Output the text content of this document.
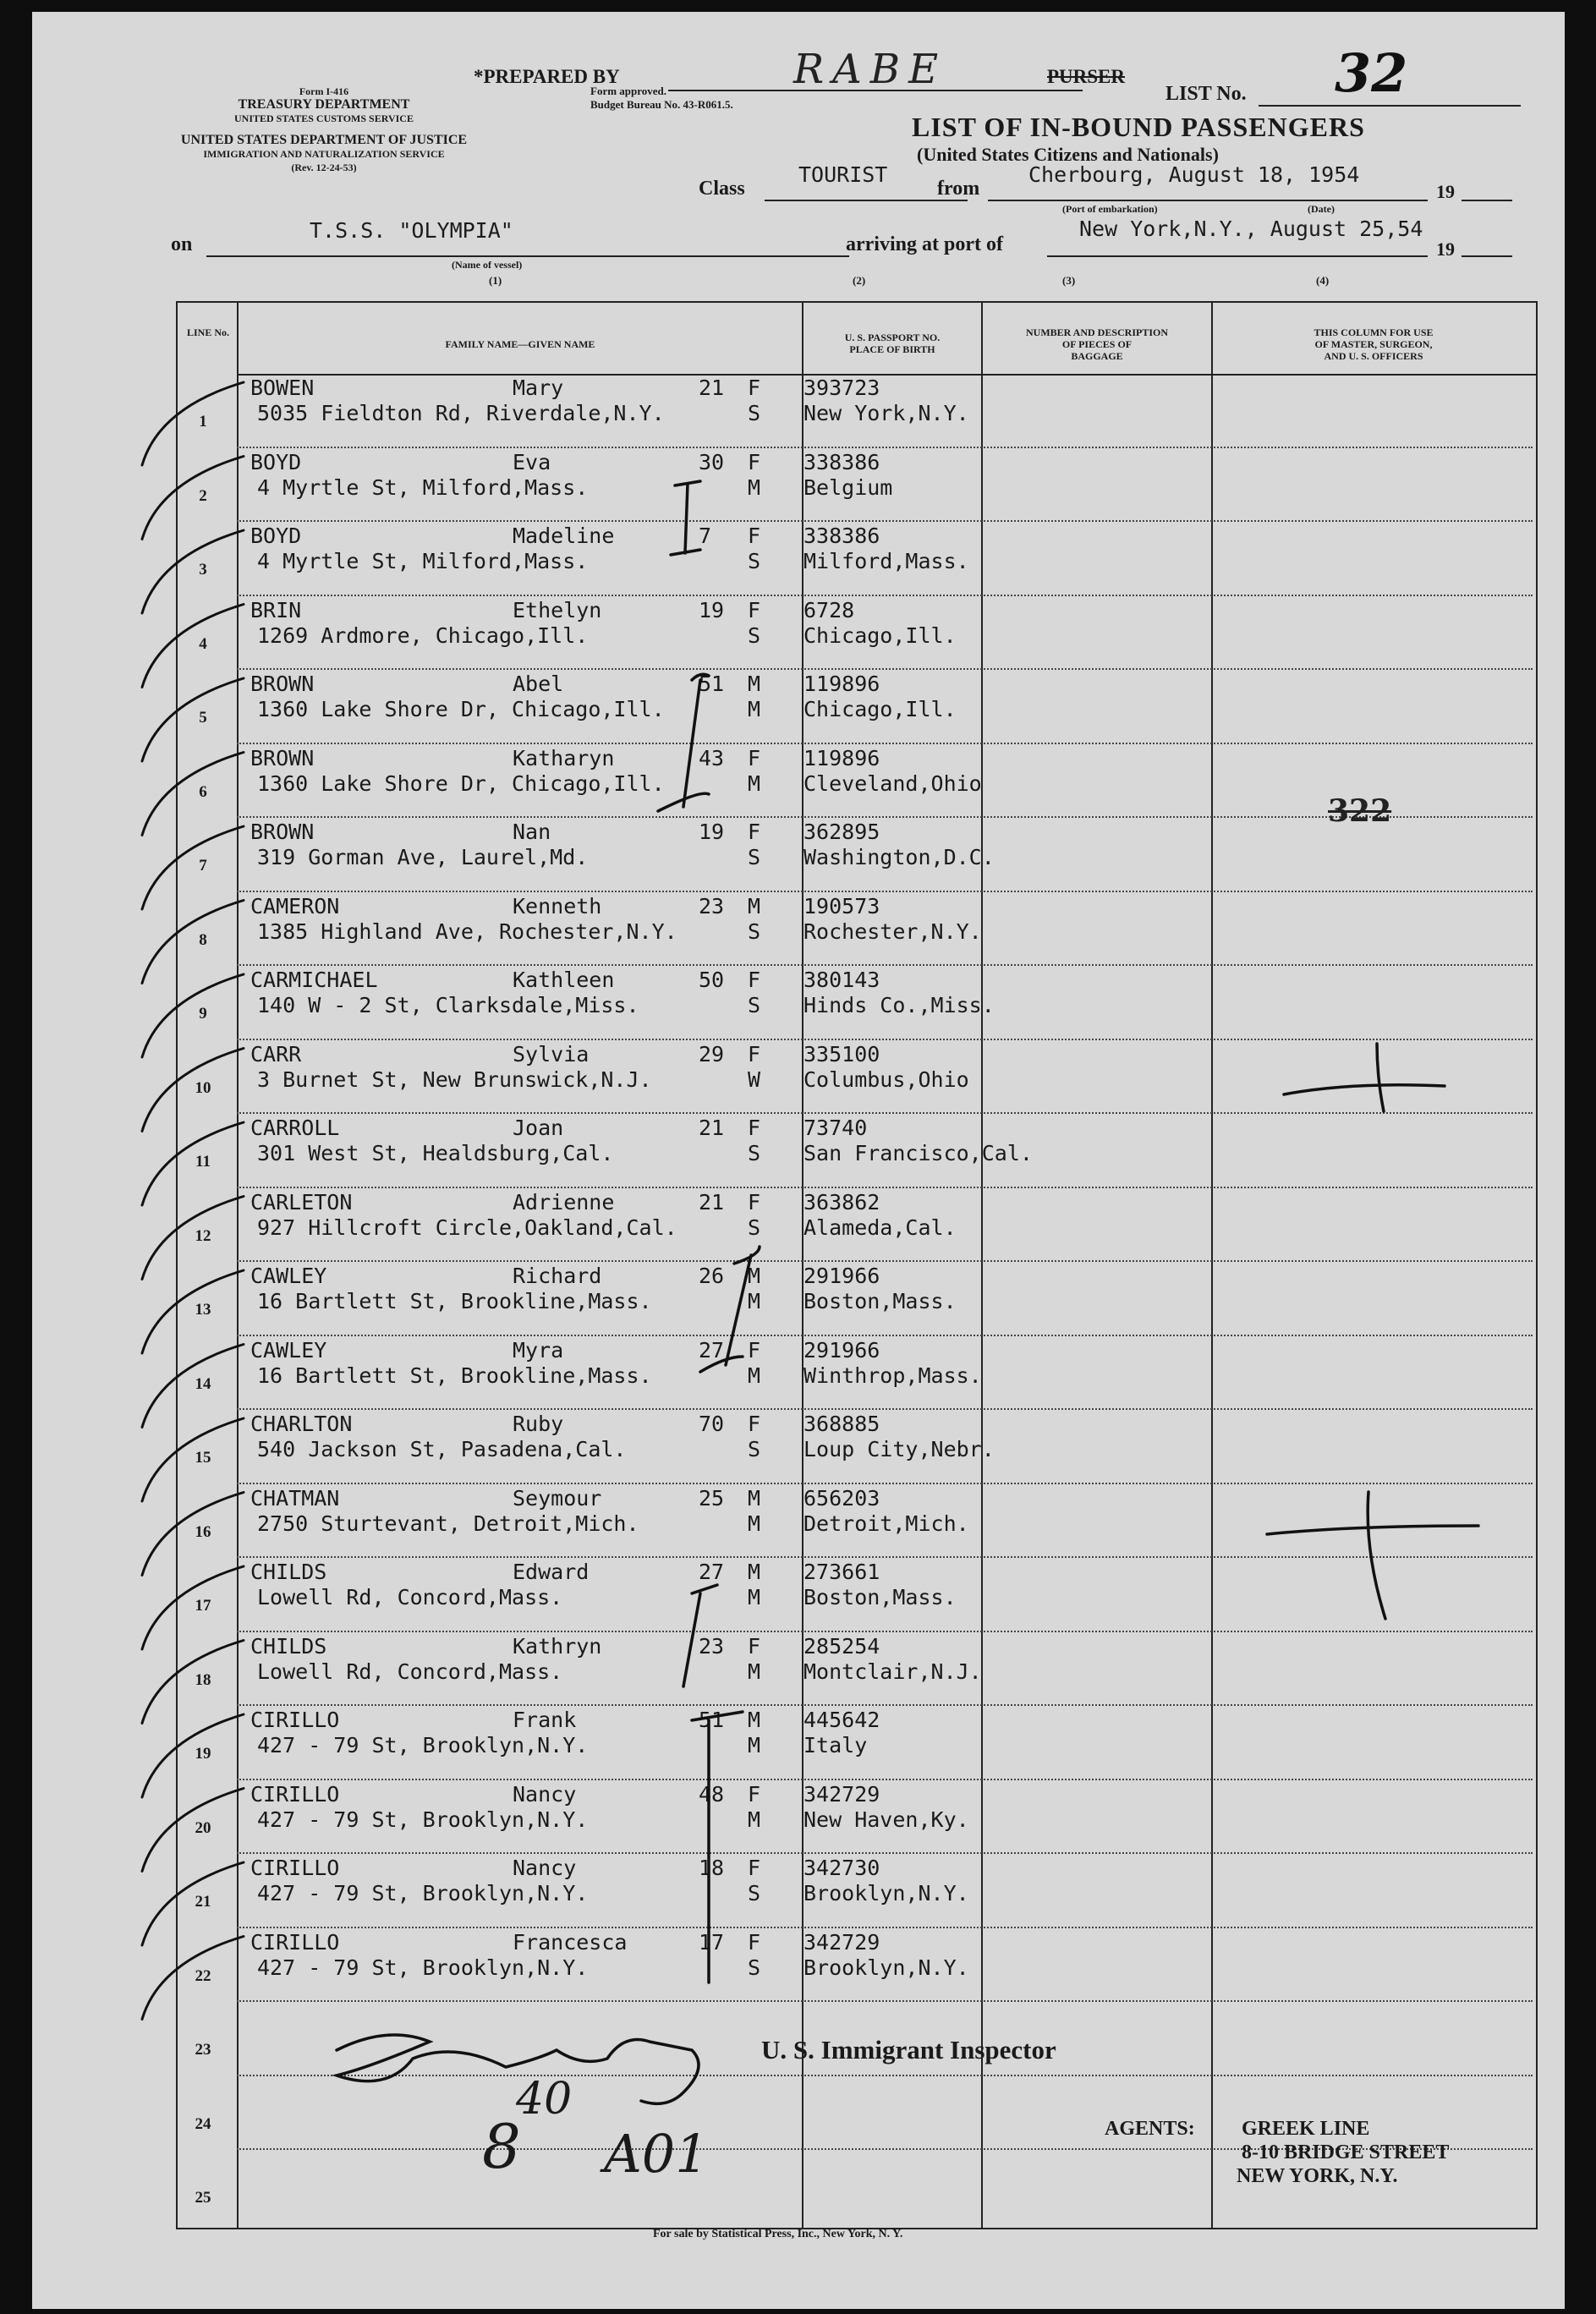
Form I-416
TREASURY DEPARTMENT
UNITED STATES CUSTOMS SERVICE
UNITED STATES DEPARTMENT OF JUSTICE
IMMIGRATION AND NATURALIZATION SERVICE
(Rev. 12-24-53)
*PREPARED BY	RABE	PURSER
Form approved.
Budget Bureau No. 43-R061.5.	LIST No. 32
LIST OF IN-BOUND PASSENGERS
(United States Citizens and Nationals)
Class
TOURIST
from
Cherbourg, August 18, 1954
(Port of embarkation)	(Date)
19
on
T.S.S. "OLYMPIA"
(Name of vessel)
arriving at port of
New York,N.Y., August 25,54
19
(1)	(2)	(3)	(4)
LINE No.
FAMILY NAME—GIVEN NAME
U. S. PASSPORT NO.
PLACE OF BIRTH
NUMBER AND DESCRIPTION
OF PIECES OF
BAGGAGE
THIS COLUMN FOR USE
OF MASTER, SURGEON,
AND U. S. OFFICERS
1
BOWEN	Mary	21 F
5035 Fieldton Rd, Riverdale,N.Y.	S
393723
New York,N.Y.
2
BOYD	Eva	30 F
4 Myrtle St, Milford,Mass.	M
338386
Belgium
3
BOYD	Madeline	7 F
4 Myrtle St, Milford,Mass.	S
338386
Milford,Mass.
4
BRIN	Ethelyn	19 F
1269 Ardmore, Chicago,Ill.	S
6728
Chicago,Ill.
5
BROWN	Abel	51 M
1360 Lake Shore Dr, Chicago,Ill.	M
119896
Chicago,Ill.
6
BROWN	Katharyn	43 F
1360 Lake Shore Dr, Chicago,Ill.	M
119896
Cleveland,Ohio
7
BROWN	Nan	19 F
319 Gorman Ave, Laurel,Md.	S
362895
Washington,D.C.
8
CAMERON	Kenneth	23 M
1385 Highland Ave, Rochester,N.Y.	S
190573
Rochester,N.Y.
9
CARMICHAEL	Kathleen	50 F
140 W - 2 St, Clarksdale,Miss.	S
380143
Hinds Co.,Miss.
10
CARR	Sylvia	29 F
3 Burnet St, New Brunswick,N.J.	W
335100
Columbus,Ohio
11
CARROLL	Joan	21 F
301 West St, Healdsburg,Cal.	S
73740
San Francisco,Cal.
12
CARLETON	Adrienne	21 F
927 Hillcroft Circle,Oakland,Cal.	S
363862
Alameda,Cal.
13
CAWLEY	Richard	26 M
16 Bartlett St, Brookline,Mass.	M
291966
Boston,Mass.
14
CAWLEY	Myra	27 F
16 Bartlett St, Brookline,Mass.	M
291966
Winthrop,Mass.
15
CHARLTON	Ruby	70 F
540 Jackson St, Pasadena,Cal.	S
368885
Loup City,Nebr.
16
CHATMAN	Seymour	25 M
2750 Sturtevant, Detroit,Mich.	M
656203
Detroit,Mich.
17
CHILDS	Edward	27 M
Lowell Rd, Concord,Mass.	M
273661
Boston,Mass.
18
CHILDS	Kathryn	23 F
Lowell Rd, Concord,Mass.	M
285254
Montclair,N.J.
19
CIRILLO	Frank	51 M
427 - 79 St, Brooklyn,N.Y.	M
445642
Italy
20
CIRILLO	Nancy	48 F
427 - 79 St, Brooklyn,N.Y.	M
342729
New Haven,Ky.
21
CIRILLO	Nancy	18 F
427 - 79 St, Brooklyn,N.Y.	S
342730
Brooklyn,N.Y.
22
CIRILLO	Francesca	17 F
427 - 79 St, Brooklyn,N.Y.	S
342729
Brooklyn,N.Y.
23
24
25
322
U. S. Immigrant Inspector
8
40
A01	AGENTS: GREEK LINE
8-10 BRIDGE STREET
NEW YORK, N.Y.
For sale by Statistical Press, Inc., New York, N. Y.
